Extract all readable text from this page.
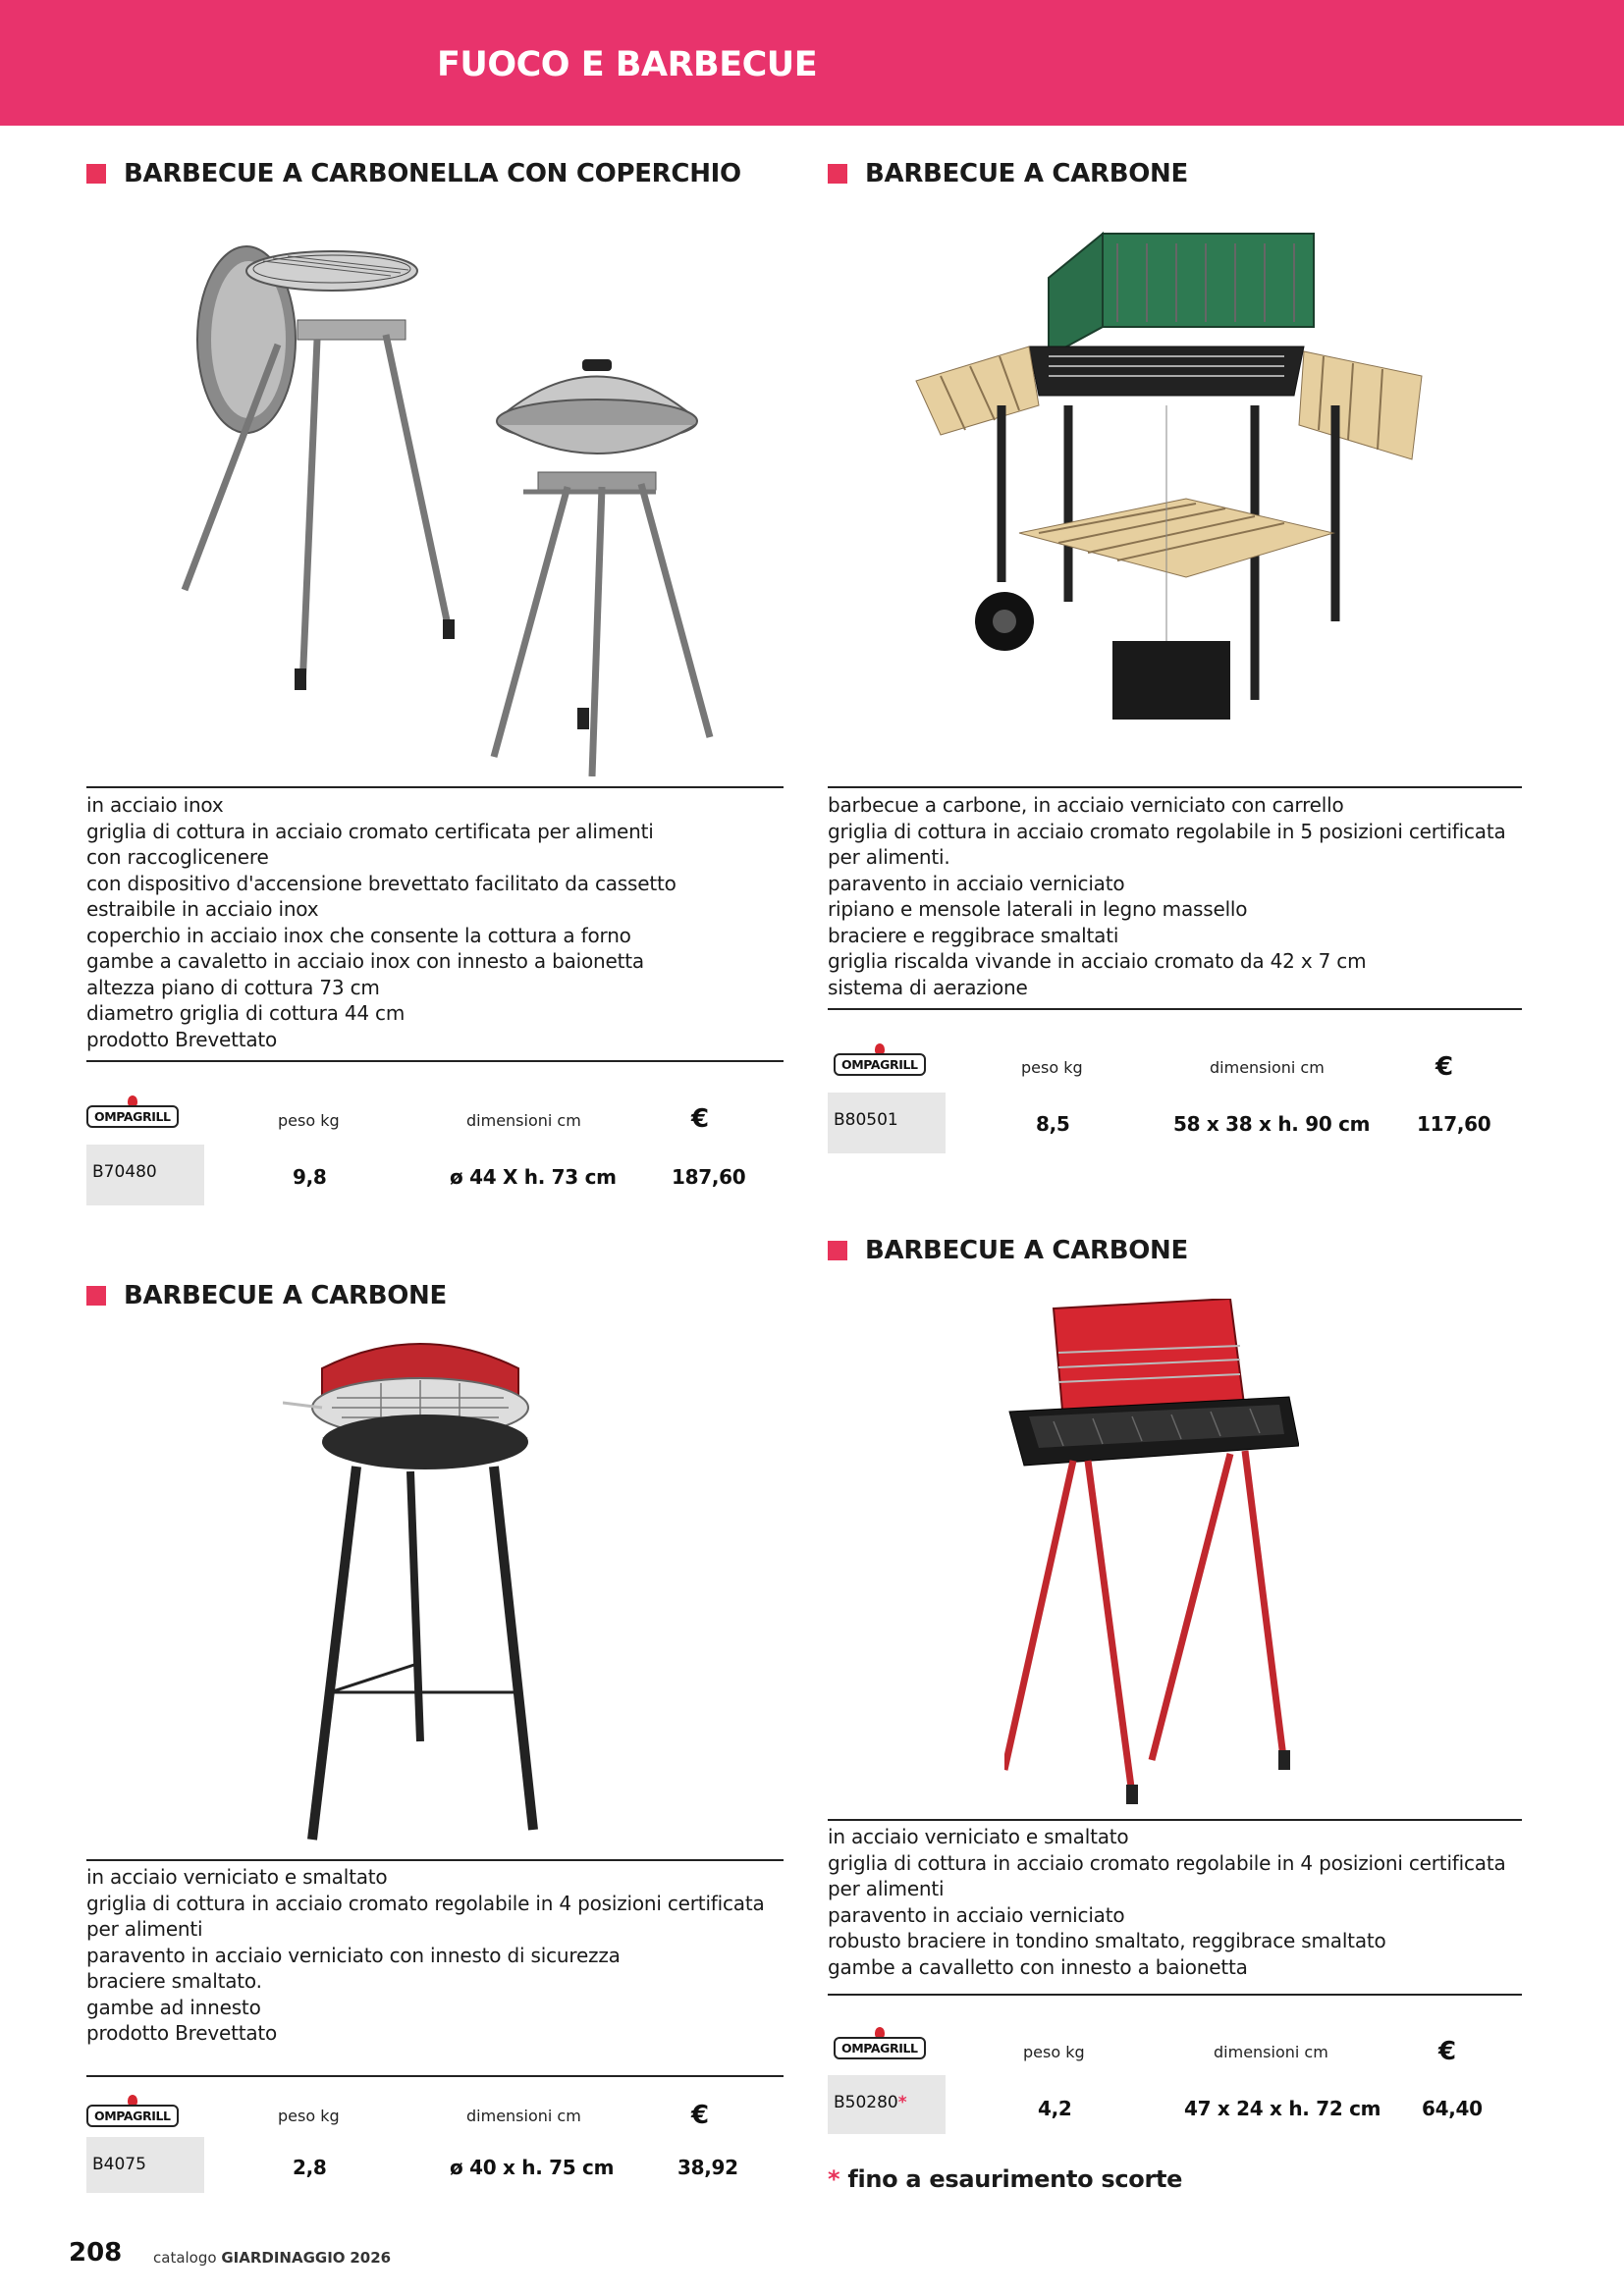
FUOCO E BARBECUE
BARBECUE A CARBONELLA CON COPERCHIO
in acciaio inox
griglia di cottura in acciaio cromato certificata per alimenti
con raccoglicenere
con dispositivo d'accensione brevettato facilitato da cassetto
estraibile in acciaio inox
coperchio in acciaio inox che consente la cottura a forno
gambe a cavaletto in acciaio inox con innesto a baionetta
altezza piano di cottura 73 cm
diametro griglia di cottura 44 cm
prodotto Brevettato
OMPAGRILL	peso kg	dimensioni cm	€
B70480	9,8	ø 44 X h. 73 cm	187,60
BARBECUE A CARBONE
barbecue a carbone, in acciaio verniciato con carrello
griglia di cottura in acciaio cromato regolabile in 5 posizioni certificata
per alimenti.
paravento in acciaio verniciato
ripiano e mensole laterali in legno massello
braciere e reggibrace smaltati
griglia riscalda vivande in acciaio cromato da 42 x 7 cm
sistema di aerazione
OMPAGRILL	peso kg	dimensioni cm	€
B80501	8,5	58 x 38 x h. 90 cm 117,60
BARBECUE A CARBONE
in acciaio verniciato e smaltato
griglia di cottura in acciaio cromato regolabile in 4 posizioni certificata
per alimenti
paravento in acciaio verniciato con innesto di sicurezza
braciere smaltato.
gambe ad innesto
prodotto Brevettato
OMPAGRILL	peso kg	dimensioni cm	€
B4075	2,8	ø 40 x h. 75 cm	38,92
BARBECUE A CARBONE
in acciaio verniciato e smaltato
griglia di cottura in acciaio cromato regolabile in 4 posizioni certificata
per alimenti
paravento in acciaio verniciato
robusto braciere in tondino smaltato, reggibrace smaltato
gambe a cavalletto con innesto a baionetta
OMPAGRILL	peso kg	dimensioni cm	€
B50280*	4,2	47 x 24 x h. 72 cm 64,40
* fino a esaurimento scorte
208 catalogo GIARDINAGGIO 2026
